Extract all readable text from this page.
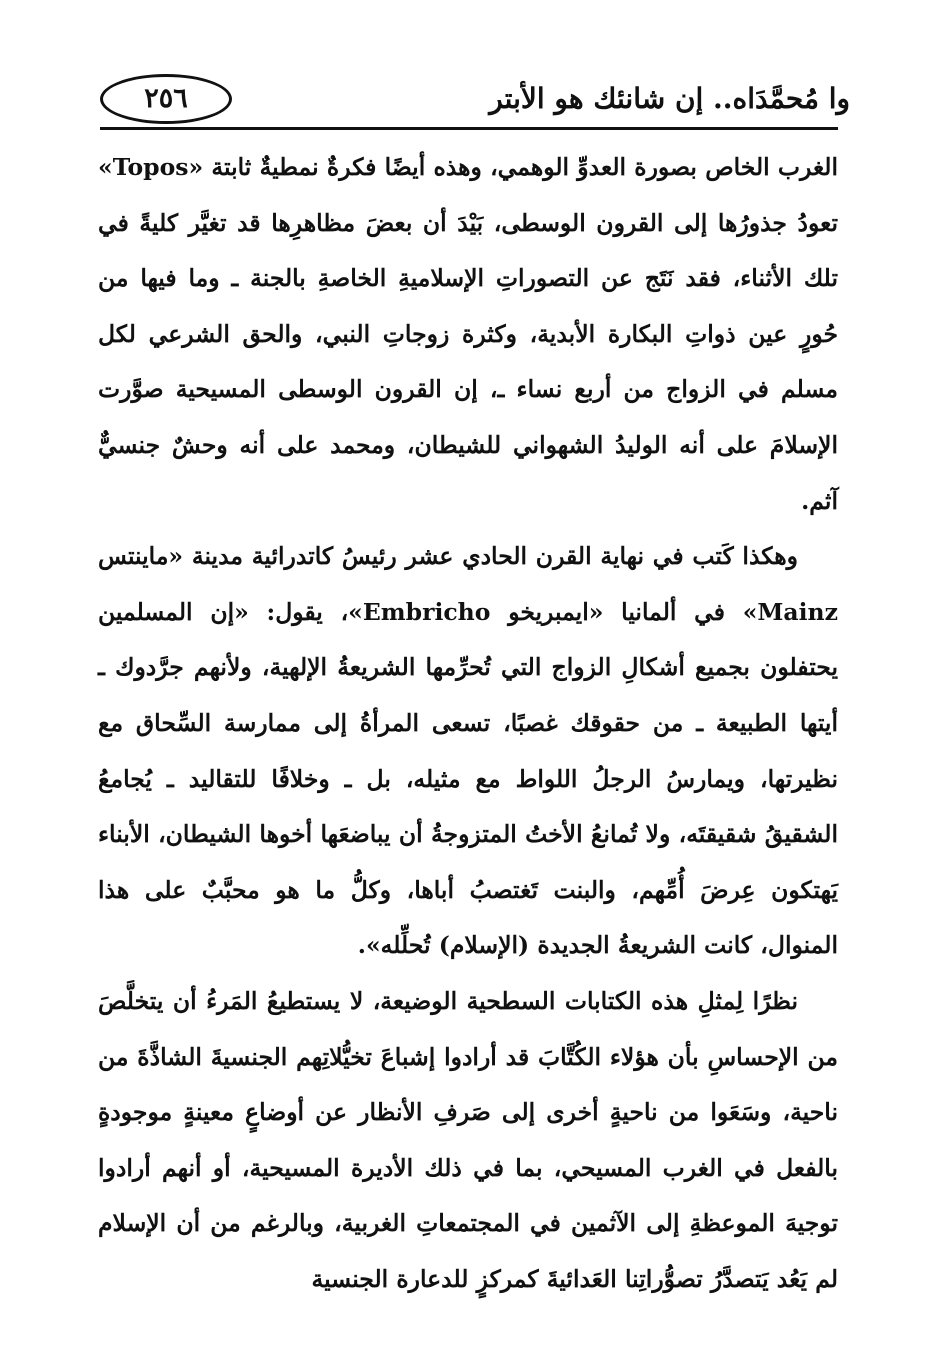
٢٥٦	وا مُحمَّدَاه.. إن شانئك هو الأبتر

الغرب الخاص بصورة العدوِّ الوهمي، وهذه أيضًا فكرةٌ نمطيةٌ ثابتة «Topos» تعودُ جذورُها إلى القرون الوسطى، بَيْدَ أن بعضَ مظاهرِها قد تغيَّر كليةً في تلك الأثناء، فقد نَتَج عن التصوراتِ الإسلاميةِ الخاصةِ بالجنة ـ وما فيها من حُورٍ عين ذواتِ البكارة الأبدية، وكثرة زوجاتِ النبي، والحق الشرعي لكل مسلم في الزواج من أربع نساء ـ، إن القرون الوسطى المسيحية صوَّرت الإسلامَ على أنه الوليدُ الشهواني للشيطان، ومحمد على أنه وحشٌ جنسيٌّ آثم.

وهكذا كَتب في نهاية القرن الحادي عشر رئيسُ كاتدرائية مدينة «ماينتس Mainz» في ألمانيا «ايمبريخو Embricho»، يقول: «إن المسلمين يحتفلون بجميع أشكالِ الزواج التي تُحرِّمها الشريعةُ الإلهية، ولأنهم جرَّدوك ـ أيتها الطبيعة ـ من حقوقك غصبًا، تسعى المرأةُ إلى ممارسة السِّحاق مع نظيرتها، ويمارسُ الرجلُ اللواط مع مثيله، بل ـ وخلافًا للتقاليد ـ يُجامعُ الشقيقُ شقيقتَه، ولا تُمانعُ الأختُ المتزوجةُ أن يباضعَها أخوها الشيطان، الأبناء يَهتكون عِرضَ أُمِّهم، والبنت تَغتصبُ أباها، وكلُّ ما هو محبَّبٌ على هذا المنوال، كانت الشريعةُ الجديدة (الإسلام) تُحلِّله».

نظرًا لِمثلِ هذه الكتابات السطحية الوضيعة، لا يستطيعُ المَرءُ أن يتخلَّصَ من الإحساسِ بأن هؤلاء الكُتَّابَ قد أرادوا إشباعَ تخيُّلاتِهم الجنسيةَ الشاذَّةَ من ناحية، وسَعَوا من ناحيةٍ أخرى إلى صَرفِ الأنظار عن أوضاعٍ معينةٍ موجودةٍ بالفعل في الغرب المسيحي، بما في ذلك الأديرة المسيحية، أو أنهم أرادوا توجيهَ الموعظةِ إلى الآثمين في المجتمعاتِ الغربية، وبالرغم من أن الإسلام لم يَعُد يَتصدَّرُ تصوُّراتِنا العَدائيةَ كمركزٍ للدعارة الجنسية
